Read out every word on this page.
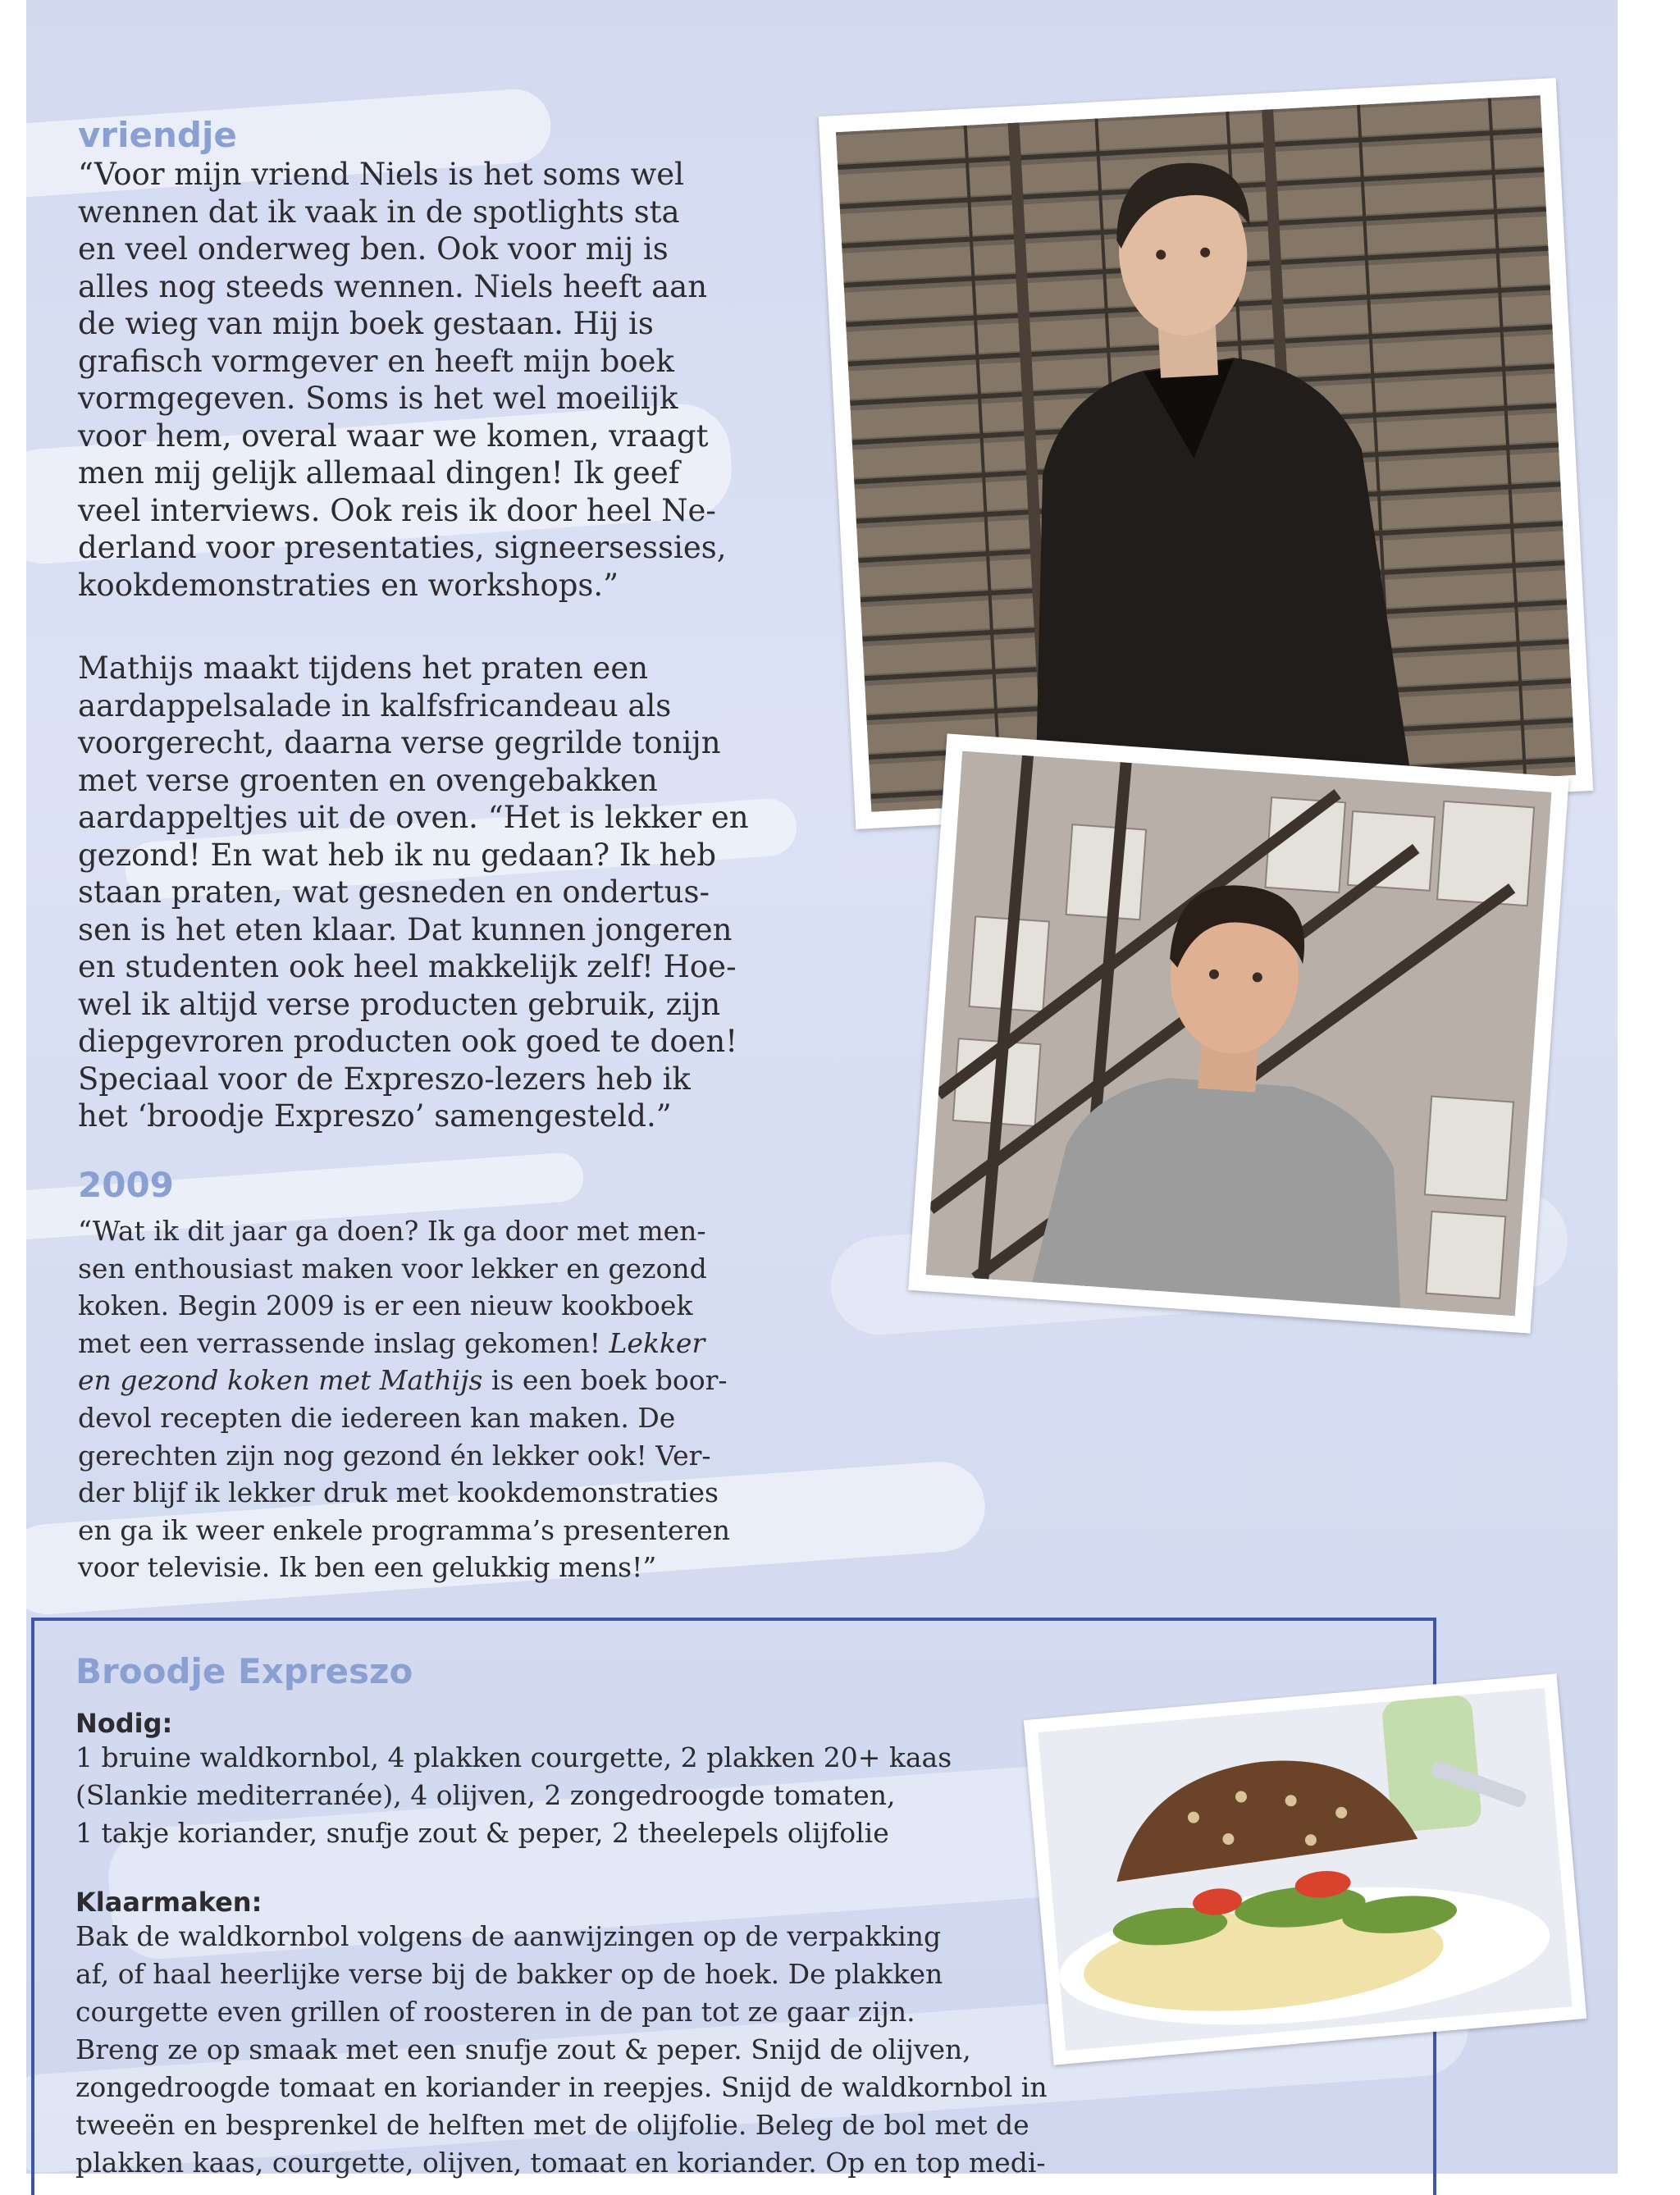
vriendje

“Voor mijn vriend Niels is het soms wel
wennen dat ik vaak in de spotlights sta
en veel onderweg ben. Ook voor mij is
alles nog steeds wennen. Niels heeft aan
de wieg van mijn boek gestaan. Hij is
grafisch vormgever en heeft mijn boek
vormgegeven. Soms is het wel moeilijk
voor hem, overal waar we komen, vraagt
men mij gelijk allemaal dingen! Ik geef
veel interviews. Ook reis ik door heel Ne-
derland voor presentaties, signeersessies,
kookdemonstraties en workshops.”

Mathijs maakt tijdens het praten een
aardappelsalade in kalfsfricandeau als
voorgerecht, daarna verse gegrilde tonijn
met verse groenten en ovengebakken
aardappeltjes uit de oven. “Het is lekker en
gezond! En wat heb ik nu gedaan? Ik heb
staan praten, wat gesneden en ondertus-
sen is het eten klaar. Dat kunnen jongeren
en studenten ook heel makkelijk zelf! Hoe-
wel ik altijd verse producten gebruik, zijn
diepgevroren producten ook goed te doen!
Speciaal voor de Expreszo-lezers heb ik
het ‘broodje Expreszo’ samengesteld.”

2009

“Wat ik dit jaar ga doen? Ik ga door met men-
sen enthousiast maken voor lekker en gezond
koken. Begin 2009 is er een nieuw kookboek
met een verrassende inslag gekomen! Lekker
en gezond koken met Mathijs is een boek boor-
devol recepten die iedereen kan maken. De
gerechten zijn nog gezond én lekker ook! Ver-
der blijf ik lekker druk met kookdemonstraties
en ga ik weer enkele programma’s presenteren
voor televisie. Ik ben een gelukkig mens!”

Broodje Expreszo

Nodig:

1 bruine waldkornbol, 4 plakken courgette, 2 plakken 20+ kaas
(Slankie mediterranée), 4 olijven, 2 zongedroogde tomaten,
1 takje koriander, snufje zout & peper, 2 theelepels olijfolie

Klaarmaken:

Bak de waldkornbol volgens de aanwijzingen op de verpakking
af, of haal heerlijke verse bij de bakker op de hoek. De plakken
courgette even grillen of roosteren in de pan tot ze gaar zijn.
Breng ze op smaak met een snufje zout & peper. Snijd de olijven,
zongedroogde tomaat en koriander in reepjes. Snijd de waldkornbol in
tweeën en besprenkel de helften met de olijfolie. Beleg de bol met de
plakken kaas, courgette, olijven, tomaat en koriander. Op en top medi-
